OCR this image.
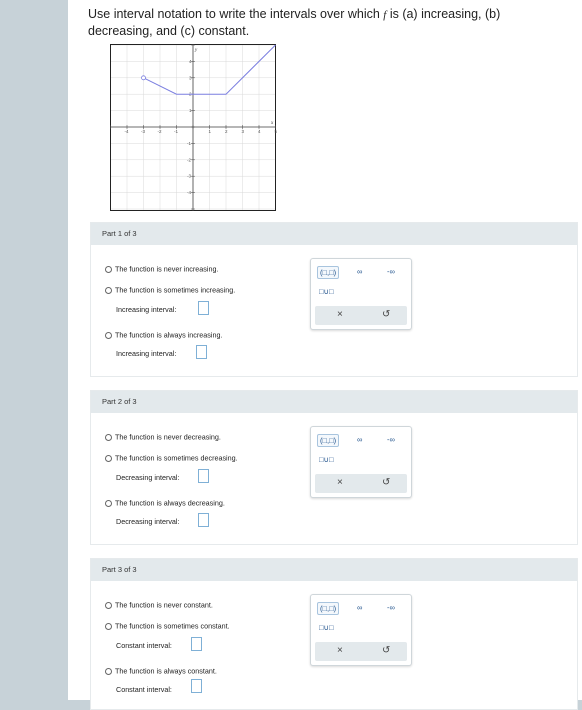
Use interval notation to write the intervals over which f is (a) increasing, (b) decreasing, and (c) constant.
4
3
2
1
-1
-2
-3
-4
-4	-3	-2	-1	1	2	3	4	5
y
x
Part 1 of 3
The function is never increasing.
The function is sometimes increasing.
Increasing interval:
The function is always increasing.
Increasing interval:
(□,□)	∞	-∞
□∪□
×	↺
Part 2 of 3
The function is never decreasing.
The function is sometimes decreasing.
Decreasing interval:
The function is always decreasing.
Decreasing interval:
(□,□)	∞	-∞
□∪□
×	↺
Part 3 of 3
The function is never constant.
The function is sometimes constant.
Constant interval:
The function is always constant.
Constant interval:
(□,□)	∞	-∞
□∪□
×	↺
